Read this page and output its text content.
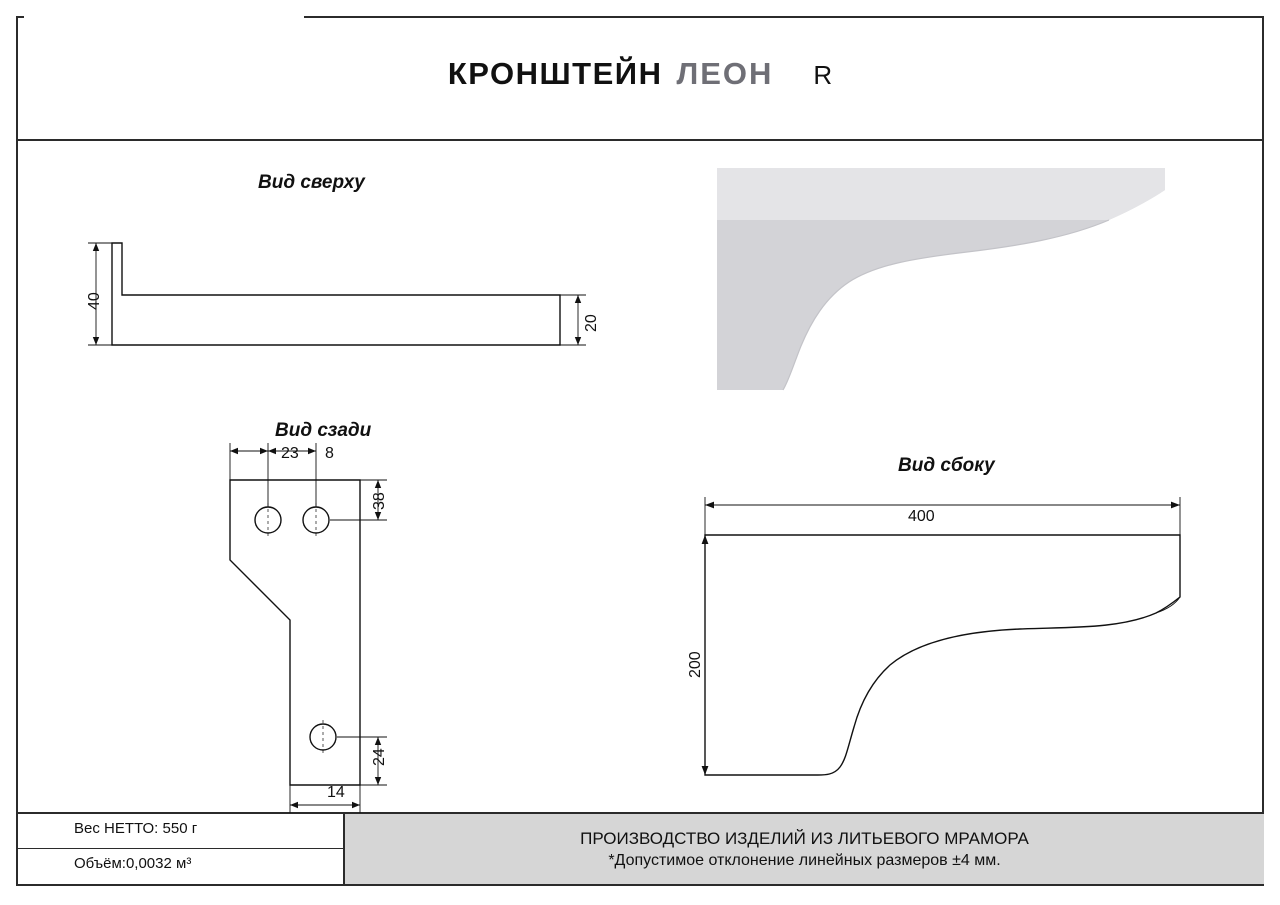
КРОНШТЕЙН ЛЕОН R
Вид сверху
40
20
Вид сзади
23 8
38
24
14
Вид сбоку
400
200
Вес НЕТТО: 550 г
Объём:0,0032 м³
ПРОИЗВОДСТВО ИЗДЕЛИЙ ИЗ ЛИТЬЕВОГО МРАМОРА
*Допустимое отклонение линейных размеров ±4 мм.
